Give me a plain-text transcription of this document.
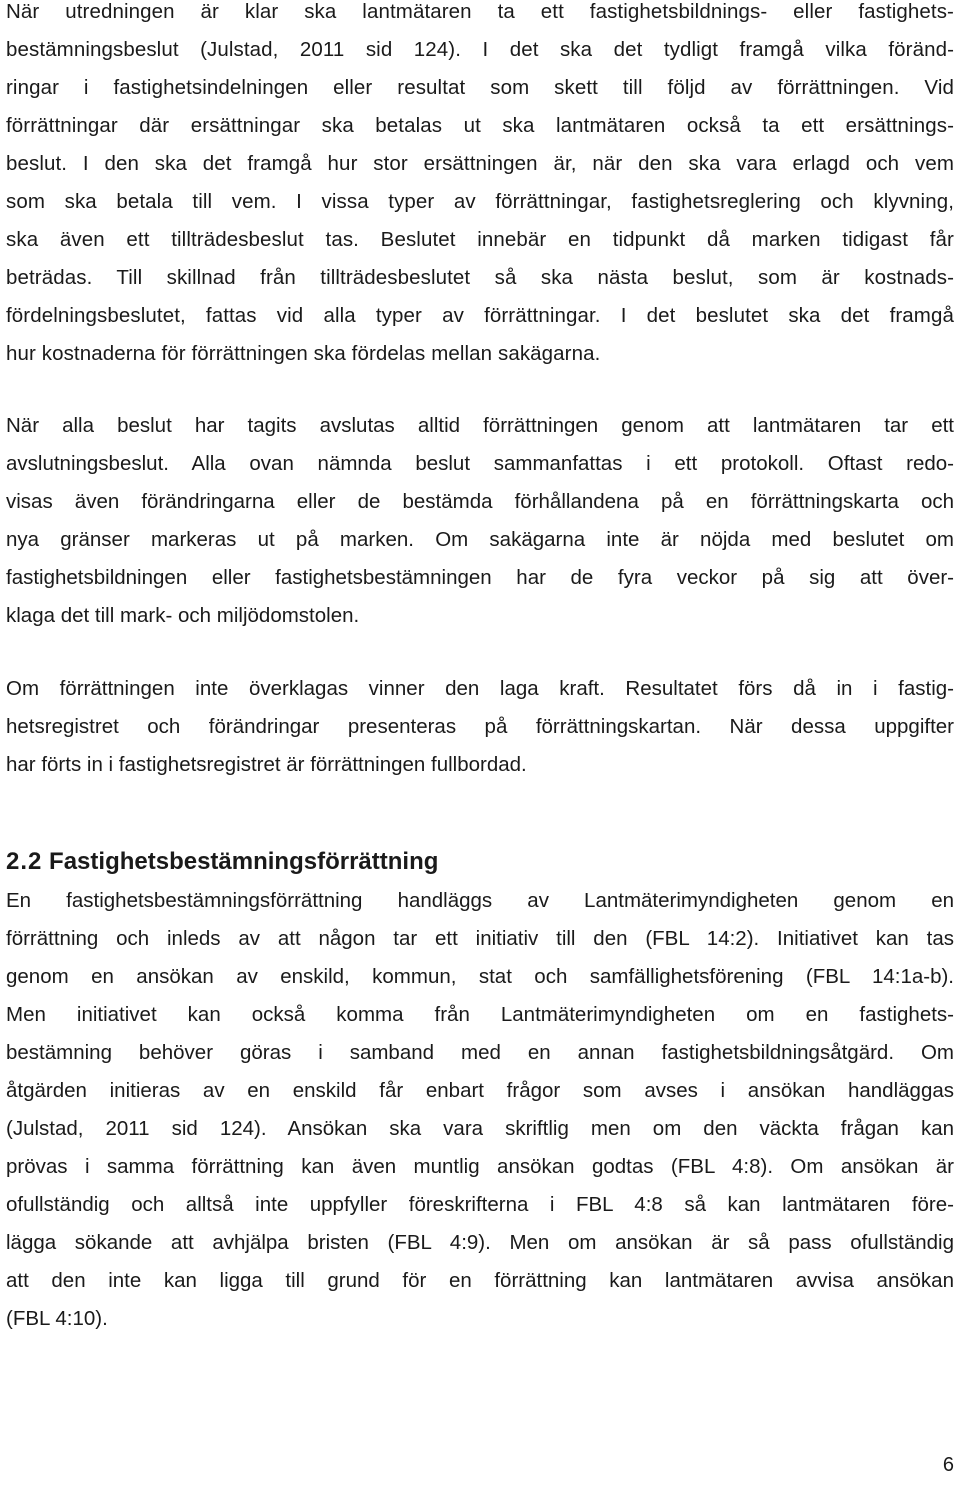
När utredningen är klar ska lantmätaren ta ett fastighetsbildnings- eller fastighets-
bestämningsbeslut (Julstad, 2011 sid 124). I det ska det tydligt framgå vilka föränd-
ringar i fastighetsindelningen eller resultat som skett till följd av förrättningen. Vid
förrättningar där ersättningar ska betalas ut ska lantmätaren också ta ett ersättnings-
beslut. I den ska det framgå hur stor ersättningen är, när den ska vara erlagd och vem
som ska betala till vem. I vissa typer av förrättningar, fastighetsreglering och klyvning,
ska även ett tillträdesbeslut tas. Beslutet innebär en tidpunkt då marken tidigast får
beträdas. Till skillnad från tillträdesbeslutet så ska nästa beslut, som är kostnads-
fördelningsbeslutet, fattas vid alla typer av förrättningar. I det beslutet ska det framgå
hur kostnaderna för förrättningen ska fördelas mellan sakägarna.
När alla beslut har tagits avslutas alltid förrättningen genom att lantmätaren tar ett
avslutningsbeslut. Alla ovan nämnda beslut sammanfattas i ett protokoll. Oftast redo-
visas även förändringarna eller de bestämda förhållandena på en förrättningskarta och
nya gränser markeras ut på marken. Om sakägarna inte är nöjda med beslutet om
fastighetsbildningen eller fastighetsbestämningen har de fyra veckor på sig att över-
klaga det till mark- och miljödomstolen.
Om förrättningen inte överklagas vinner den laga kraft. Resultatet förs då in i fastig-
hetsregistret och förändringar presenteras på förrättningskartan. När dessa uppgifter
har förts in i fastighetsregistret är förrättningen fullbordad.
2.2 Fastighetsbestämningsförrättning
En fastighetsbestämningsförrättning handläggs av Lantmäterimyndigheten genom en
förrättning och inleds av att någon tar ett initiativ till den (FBL 14:2). Initiativet kan tas
genom en ansökan av enskild, kommun, stat och samfällighetsförening (FBL 14:1a-b).
Men initiativet kan också komma från Lantmäterimyndigheten om en fastighets-
bestämning behöver göras i samband med en annan fastighetsbildningsåtgärd. Om
åtgärden initieras av en enskild får enbart frågor som avses i ansökan handläggas
(Julstad, 2011 sid 124). Ansökan ska vara skriftlig men om den väckta frågan kan
prövas i samma förrättning kan även muntlig ansökan godtas (FBL 4:8). Om ansökan är
ofullständig och alltså inte uppfyller föreskrifterna i FBL 4:8 så kan lantmätaren före-
lägga sökande att avhjälpa bristen (FBL 4:9). Men om ansökan är så pass ofullständig
att den inte kan ligga till grund för en förrättning kan lantmätaren avvisa ansökan
(FBL 4:10).
6
